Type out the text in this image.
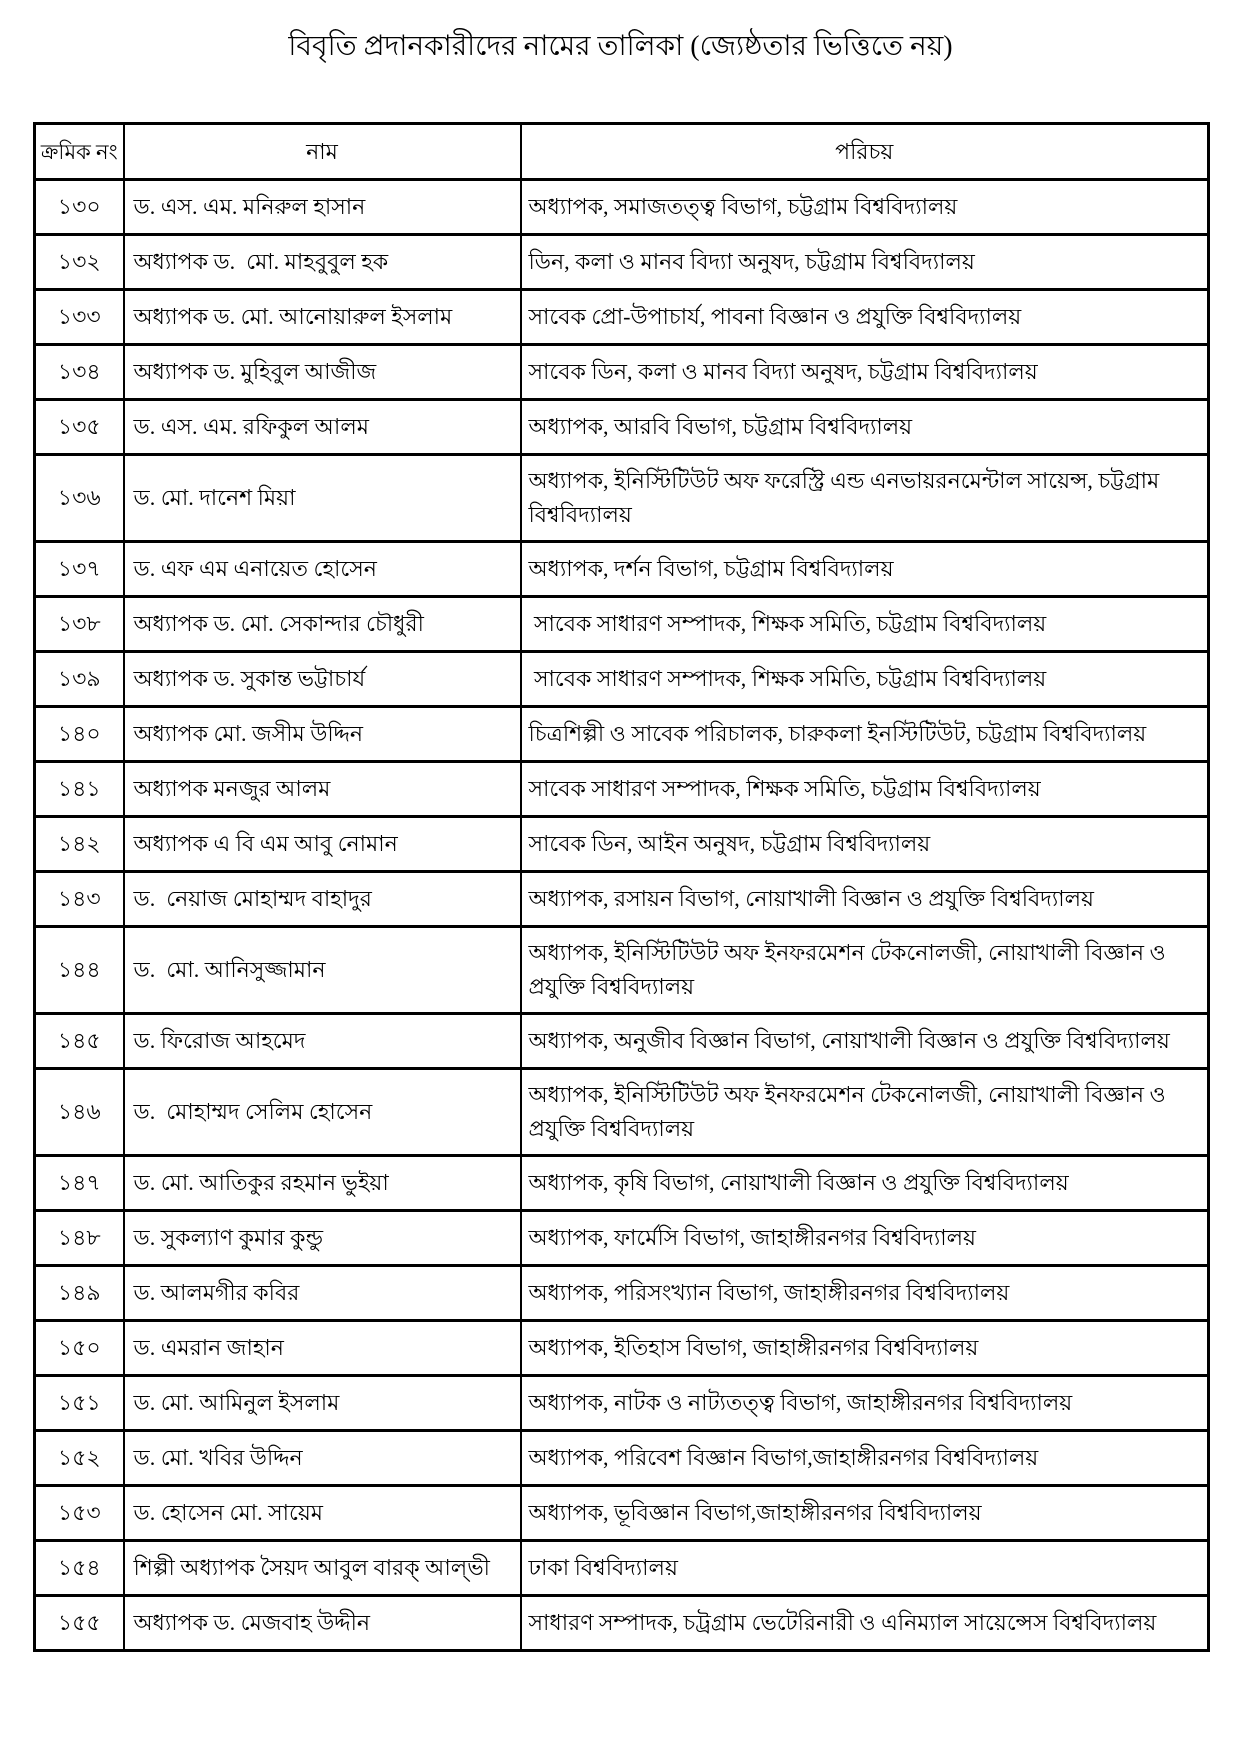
বিবৃতি প্রদানকারীদের নামের তালিকা (জ্যেষ্ঠতার ভিত্তিতে নয়)
ক্রমিক নং	নাম	পরিচয়
১৩০	ড. এস. এম. মনিরুল হাসান	অধ্যাপক, সমাজতত্ত্ব বিভাগ, চট্টগ্রাম বিশ্ববিদ্যালয়
১৩২	অধ্যাপক ড.  মো. মাহবুবুল হক	ডিন, কলা ও মানব বিদ্যা অনুষদ, চট্টগ্রাম বিশ্ববিদ্যালয়
১৩৩	অধ্যাপক ড. মো. আনোয়ারুল ইসলাম	সাবেক প্রো-উপাচার্য, পাবনা বিজ্ঞান ও প্রযুক্তি বিশ্ববিদ্যালয়
১৩৪	অধ্যাপক ড. মুহিবুল আজীজ	সাবেক ডিন, কলা ও মানব বিদ্যা অনুষদ, চট্টগ্রাম বিশ্ববিদ্যালয়
১৩৫	ড. এস. এম. রফিকুল আলম	অধ্যাপক, আরবি বিভাগ, চট্টগ্রাম বিশ্ববিদ্যালয়
১৩৬	ড. মো. দানেশ মিয়া	অধ্যাপক, ইনিস্টিটিউট অফ ফরেস্ট্রি এন্ড এনভায়রনমেন্টাল সায়েন্স, চট্টগ্রাম বিশ্ববিদ্যালয়
১৩৭	ড. এফ এম এনায়েত হোসেন	অধ্যাপক, দর্শন বিভাগ, চট্টগ্রাম বিশ্ববিদ্যালয়
১৩৮	অধ্যাপক ড. মো. সেকান্দার চৌধুরী	সাবেক সাধারণ সম্পাদক, শিক্ষক সমিতি, চট্টগ্রাম বিশ্ববিদ্যালয়
১৩৯	অধ্যাপক ড. সুকান্ত ভট্টাচার্য	সাবেক সাধারণ সম্পাদক, শিক্ষক সমিতি, চট্টগ্রাম বিশ্ববিদ্যালয়
১৪০	অধ্যাপক মো. জসীম উদ্দিন	চিত্রশিল্পী ও সাবেক পরিচালক, চারুকলা ইনস্টিটিউট, চট্টগ্রাম বিশ্ববিদ্যালয়
১৪১	অধ্যাপক মনজুর আলম	সাবেক সাধারণ সম্পাদক, শিক্ষক সমিতি, চট্টগ্রাম বিশ্ববিদ্যালয়
১৪২	অধ্যাপক এ বি এম আবু নোমান	সাবেক ডিন, আইন অনুষদ, চট্টগ্রাম বিশ্ববিদ্যালয়
১৪৩	ড.  নেয়াজ মোহাম্মদ বাহাদুর	অধ্যাপক, রসায়ন বিভাগ, নোয়াখালী বিজ্ঞান ও প্রযুক্তি বিশ্ববিদ্যালয়
১৪৪	ড.  মো. আনিসুজ্জামান	অধ্যাপক, ইনিস্টিটিউট অফ ইনফরমেশন টেকনোলজী, নোয়াখালী বিজ্ঞান ও প্রযুক্তি বিশ্ববিদ্যালয়
১৪৫	ড. ফিরোজ আহমেদ	অধ্যাপক, অনুজীব বিজ্ঞান বিভাগ, নোয়াখালী বিজ্ঞান ও প্রযুক্তি বিশ্ববিদ্যালয়
১৪৬	ড.  মোহাম্মদ সেলিম হোসেন	অধ্যাপক, ইনিস্টিটিউট অফ ইনফরমেশন টেকনোলজী, নোয়াখালী বিজ্ঞান ও প্রযুক্তি বিশ্ববিদ্যালয়
১৪৭	ড. মো. আতিকুর রহমান ভুইয়া	অধ্যাপক, কৃষি বিভাগ, নোয়াখালী বিজ্ঞান ও প্রযুক্তি বিশ্ববিদ্যালয়
১৪৮	ড. সুকল্যাণ কুমার কুন্ডু	অধ্যাপক, ফার্মেসি বিভাগ, জাহাঙ্গীরনগর বিশ্ববিদ্যালয়
১৪৯	ড. আলমগীর কবির	অধ্যাপক, পরিসংখ্যান বিভাগ, জাহাঙ্গীরনগর বিশ্ববিদ্যালয়
১৫০	ড. এমরান জাহান	অধ্যাপক, ইতিহাস বিভাগ, জাহাঙ্গীরনগর বিশ্ববিদ্যালয়
১৫১	ড. মো. আমিনুল ইসলাম	অধ্যাপক, নাটক ও নাট্যতত্ত্ব বিভাগ, জাহাঙ্গীরনগর বিশ্ববিদ্যালয়
১৫২	ড. মো. খবির উদ্দিন	অধ্যাপক, পরিবেশ বিজ্ঞান বিভাগ,জাহাঙ্গীরনগর বিশ্ববিদ্যালয়
১৫৩	ড. হোসেন মো. সায়েম	অধ্যাপক, ভূবিজ্ঞান বিভাগ,জাহাঙ্গীরনগর বিশ্ববিদ্যালয়
১৫৪	শিল্পী অধ্যাপক সৈয়দ আবুল বারক্ আল্‌ভী	ঢাকা বিশ্ববিদ্যালয়
১৫৫	অধ্যাপক ড. মেজবাহ উদ্দীন	সাধারণ সম্পাদক, চট্রগ্রাম ভেটেরিনারী ও এনিম্যাল সায়েন্সেস বিশ্ববিদ্যালয়
